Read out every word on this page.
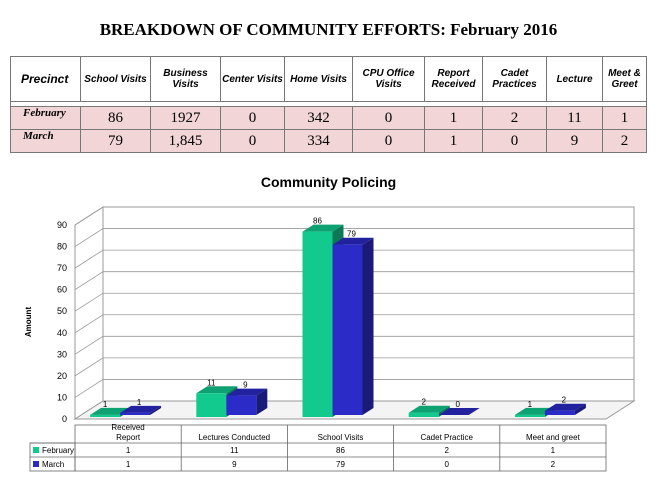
BREAKDOWN OF COMMUNITY EFFORTS: February 2016
Precinct	School Visits	Business Visits	Center Visits	Home Visits	CPU Office Visits	Report Received	Cadet Practices	Lecture	Meet & Greet

February	86	1927	0	342	0	1	2	11	1
March	79	1,845	0	334	0	1	0	9	2
Community Policing
0
10
20
30
40
50
60
70
80
90
Amount
1	1
11	9
86
79
2	0	1	2
Received
Report	Lectures Conducted	School Visits	Cadet Practice	Meet and greet
February	1	11	86	2	1
March	1	9	79	0	2
